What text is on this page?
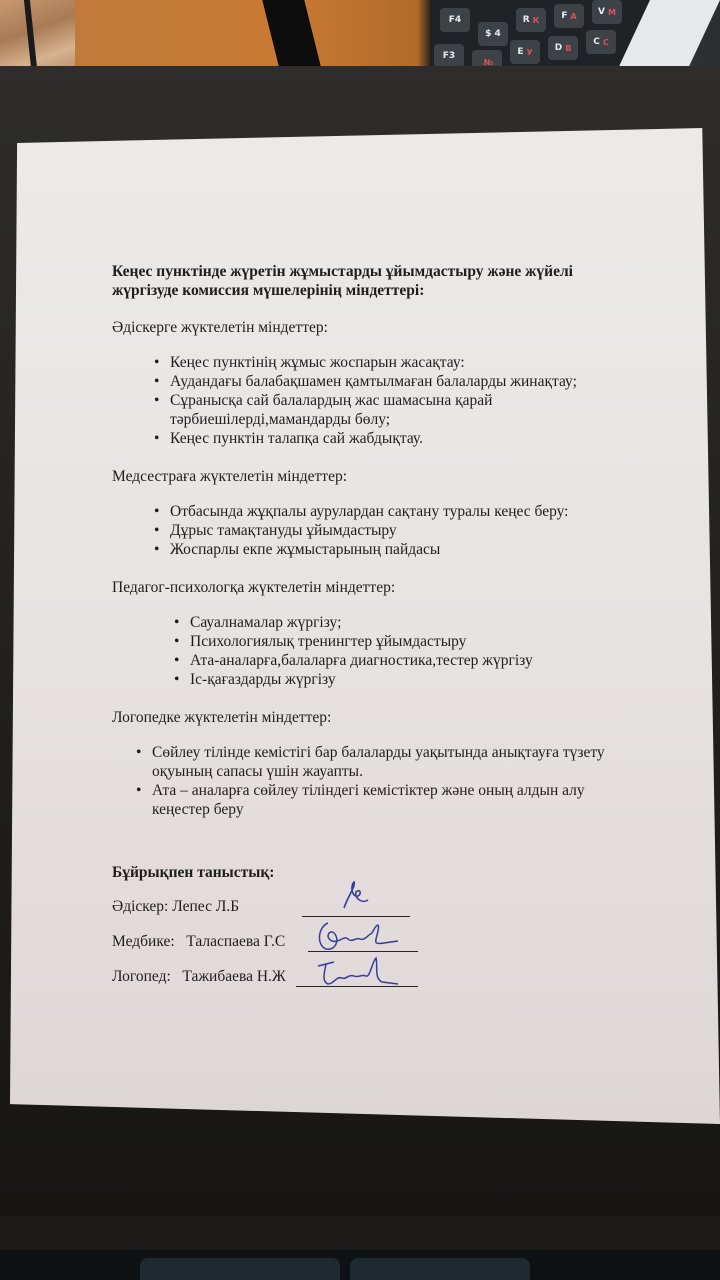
F4
$ 4
R К F А V М
F3
№
E У D В
C С
Кеңес пунктінде жүретін жұмыстарды ұйымдастыру және жүйелі жүргізуде комиссия мүшелерінің міндеттері:
Әдіскерге жүктелетін міндеттер:
• Кеңес пунктінің жұмыс жоспарын жасақтау:
• Аудандағы балабақшамен қамтылмаған балаларды жинақтау;
• Сұранысқа сай балалардың жас шамасына қарай тәрбиешілерді,мамандарды бөлу;
• Кеңес пунктін талапқа сай жабдықтау.
Медсестраға жүктелетін міндеттер:
• Отбасында жұқпалы аурулардан сақтану туралы кеңес беру:
• Дұрыс тамақтануды ұйымдастыру
• Жоспарлы екпе жұмыстарының пайдасы
Педагог-психологқа жүктелетін міндеттер:
• Сауалнамалар жүргізу;
• Психологиялық тренингтер ұйымдастыру
• Ата-аналарға,балаларға диагностика,тестер жүргізу
• Іс-қағаздарды жүргізу
Логопедке жүктелетін міндеттер:
• Сөйлеу тілінде кемістігі бар балаларды уақытында анықтауға түзету оқуының сапасы үшін жауапты.
• Ата – аналарға сөйлеу тіліндегі кемістіктер және оның алдын алу кеңестер беру
Бұйрықпен таныстық:
Әдіскер: Лепес Л.Б
Медбике:   Таласпаева Г.С
Логопед:   Тажибаева Н.Ж
